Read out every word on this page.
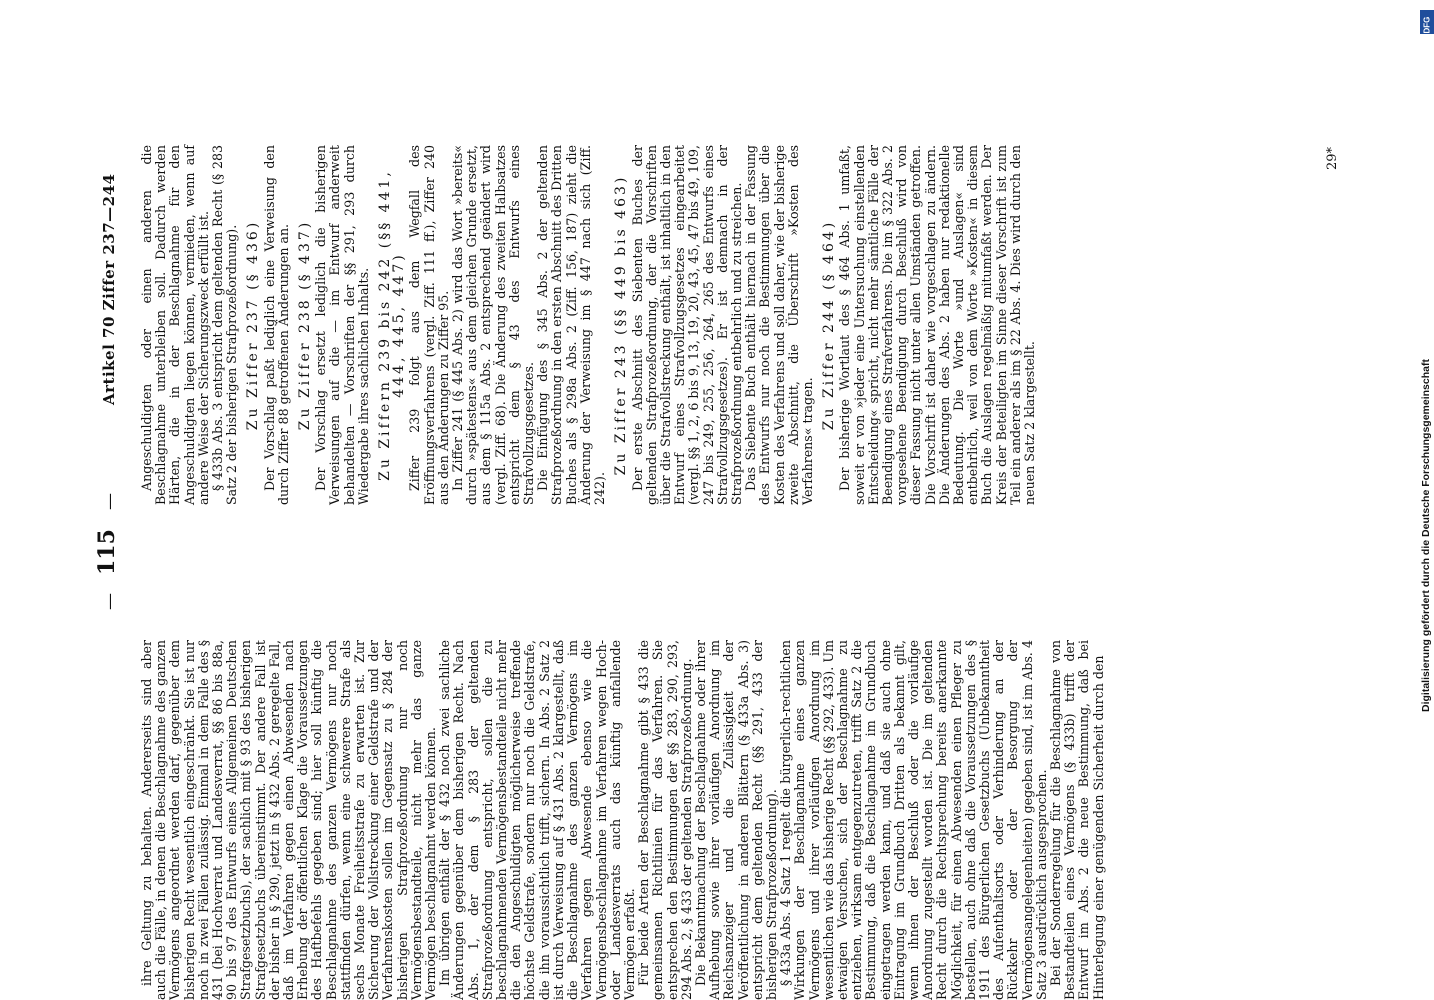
—
115
—
Artikel 70 Ziffer 237—244

ihre Geltung zu behalten. Andererseits sind aber auch die Fälle, in denen die Beschlagnahme des ganzen Vermögens angeordnet werden darf, gegenüber dem bisherigen Recht wesentlich eingeschränkt. Sie ist nur noch in zwei Fällen zulässig. Einmal in dem Falle des § 431 (bei Hochverrat und Landesverrat, §§ 86 bis 88a, 90 bis 97 des Entwurfs eines Allgemeinen Deutschen Strafgesetzbuchs), der sachlich mit § 93 des bisherigen Strafgesetzbuchs übereinstimmt. Der andere Fall ist der bisher in § 290, jetzt in § 432 Abs. 2 geregelte Fall, daß im Verfahren gegen einen Abwesenden nach Erhebung der öffentlichen Klage die Voraussetzungen des Haftbefehls gegeben sind; hier soll künftig die Beschlagnahme des ganzen Vermögens nur noch stattfinden dürfen, wenn eine schwerere Strafe als sechs Monate Freiheitsstrafe zu erwarten ist. Zur Sicherung der Vollstreckung einer Geldstrafe und der Verfahrenskosten sollen im Gegensatz zu § 284 der bisherigen Strafprozeßordnung nur noch Vermögensbestandteile, nicht mehr das ganze Vermögen beschlagnahmt werden können. Im übrigen enthält der § 432 noch zwei sachliche Änderungen gegenüber dem bisherigen Recht. Nach Abs. 1, der dem § 283 der geltenden Strafprozeßordnung entspricht, sollen die zu beschlagnahmenden Vermögensbestandteile nicht mehr die den Angeschuldigten möglicherweise treffende höchste Geldstrafe, sondern nur noch die Geldstrafe, die ihn voraussichtlich trifft, sichern. In Abs. 2 Satz 2 ist durch Verweisung auf § 431 Abs. 2 klargestellt, daß die Beschlagnahme des ganzen Vermögens im Verfahren gegen Abwesende ebenso wie die Vermögensbeschlagnahme im Verfahren wegen Hoch- oder Landesverrats auch das künftig anfallende Vermögen erfaßt. Für beide Arten der Beschlagnahme gibt § 433 die gemeinsamen Richtlinien für das Verfahren. Sie entsprechen den Bestimmungen der §§ 283, 290, 293, 294 Abs. 2, § 433 der geltenden Strafprozeßordnung. Die Bekanntmachung der Beschlagnahme oder ihrer Aufhebung sowie ihrer vorläufigen Anordnung im Reichsanzeiger und die Zulässigkeit der Veröffentlichung in anderen Blättern (§ 433a Abs. 3) entspricht dem geltenden Recht (§§ 291, 433 der bisherigen Strafprozeßordnung). § 433a Abs. 4 Satz 1 regelt die bürgerlich-rechtlichen Wirkungen der Beschlagnahme eines ganzen Vermögens und ihrer vorläufigen Anordnung im wesentlichen wie das bisherige Recht (§§ 292, 433). Um etwaigen Versuchen, sich der Beschlagnahme zu entziehen, wirksam entgegenzutreten, trifft Satz 2 die Bestimmung, daß die Beschlagnahme im Grundbuch eingetragen werden kann, und daß sie auch ohne Eintragung im Grundbuch Dritten als bekannt gilt, wenn ihnen der Beschluß oder die vorläufige Anordnung zugestellt worden ist. Die im geltenden Recht durch die Rechtsprechung bereits anerkannte Möglichkeit, für einen Abwesenden einen Pfleger zu bestellen, auch ohne daß die Voraussetzungen des § 1911 des Bürgerlichen Gesetzbuchs (Unbekanntheit des Aufenthaltsorts oder Verhinderung an der Rückkehr oder der Besorgung der Vermögensangelegenheiten) gegeben sind, ist im Abs. 4 Satz 3 ausdrücklich ausgesprochen. Bei der Sonderregelung für die Beschlagnahme von Bestandteilen eines Vermögens (§ 433b) trifft der Entwurf im Abs. 2 die neue Bestimmung, daß bei Hinterlegung einer genügenden Sicherheit durch den

Angeschuldigten oder einen anderen die Beschlagnahme unterbleiben soll. Dadurch werden Härten, die in der Beschlagnahme für den Angeschuldigten liegen können, vermieden, wenn auf andere Weise der Sicherungszweck erfüllt ist. § 433b Abs. 3 entspricht dem geltenden Recht (§ 283 Satz 2 der bisherigen Strafprozeßordnung). Zu Ziffer 237 (§ 436) Der Vorschlag paßt lediglich eine Verweisung den durch Ziffer 88 getroffenen Änderungen an. Zu Ziffer 238 (§ 437) Der Vorschlag ersetzt lediglich die bisherigen Verweisungen auf die — im Entwurf anderweit behandelten — Vorschriften der §§ 291, 293 durch Wiedergabe ihres sachlichen Inhalts. Zu Ziffern 239 bis 242 (§§ 441, 444, 445, 447) Ziffer 239 folgt aus dem Wegfall des Eröffnungsverfahrens (vergl. Ziff. 111 ff.), Ziffer 240 aus den Änderungen zu Ziffer 95. In Ziffer 241 (§ 445 Abs. 2) wird das Wort »bereits« durch »spätestens« aus dem gleichen Grunde ersetzt, aus dem § 115a Abs. 2 entsprechend geändert wird (vergl. Ziff. 68). Die Änderung des zweiten Halbsatzes entspricht dem § 43 des Entwurfs eines Strafvollzugsgesetzes. Die Einfügung des § 345 Abs. 2 der geltenden Strafprozeßordnung in den ersten Abschnitt des Dritten Buches als § 298a Abs. 2 (Ziff. 156, 187) zieht die Änderung der Verweisung im § 447 nach sich (Ziff. 242).

Zu Ziffer 243 (§§ 449 bis 463) Der erste Abschnitt des Siebenten Buches der geltenden Strafprozeßordnung, der die Vorschriften über die Strafvollstreckung enthält, ist inhaltlich in den Entwurf eines Strafvollzugsgesetzes eingearbeitet (vergl. §§ 1, 2, 6 bis 9, 13, 19, 20, 43, 45, 47 bis 49, 109, 247 bis 249, 255, 256, 264, 265 des Entwurfs eines Strafvollzugsgesetzes). Er ist demnach in der Strafprozeßordnung entbehrlich und zu streichen. Das Siebente Buch enthält hiernach in der Fassung des Entwurfs nur noch die Bestimmungen über die Kosten des Verfahrens und soll daher, wie der bisherige zweite Abschnitt, die Überschrift »Kosten des Verfahrens« tragen.

Zu Ziffer 244 (§ 464) Der bisherige Wortlaut des § 464 Abs. 1 umfaßt, soweit er von »jeder eine Untersuchung einstellenden Entscheidung« spricht, nicht mehr sämtliche Fälle der Beendigung eines Strafverfahrens. Die im § 322 Abs. 2 vorgesehene Beendigung durch Beschluß wird von dieser Fassung nicht unter allen Umständen getroffen. Die Vorschrift ist daher wie vorgeschlagen zu ändern. Die Änderungen des Abs. 2 haben nur redaktionelle Bedeutung. Die Worte »und Auslagen« sind entbehrlich, weil von dem Worte »Kosten« in diesem Buch die Auslagen regelmäßig mitumfaßt werden. Der Kreis der Beteiligten im Sinne dieser Vorschrift ist zum Teil ein anderer als im § 22 Abs. 4. Dies wird durch den neuen Satz 2 klargestellt.

29*
DFG
Digitalisierung gefördert durch die Deutsche Forschungsgemeinschaft
